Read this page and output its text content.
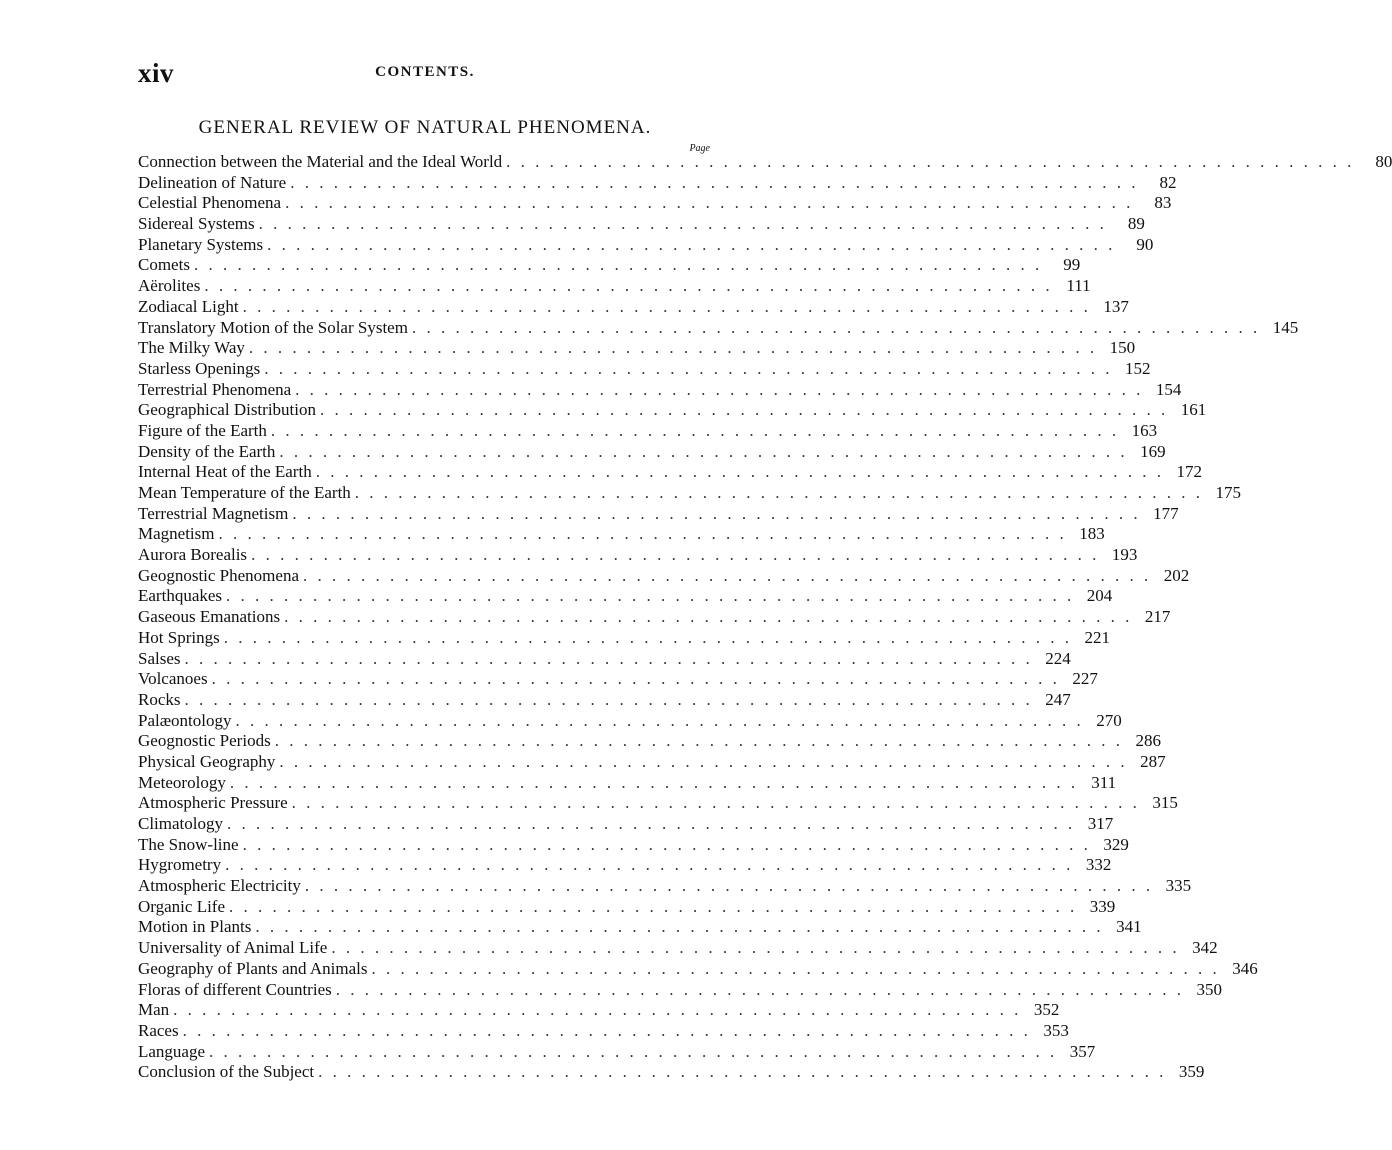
xiv	CONTENTS.
GENERAL REVIEW OF NATURAL PHENOMENA.
Page
Connection between the Material and the Ideal World . . . . . . . . . . . . . . . . . . . . . . . . . . . . . . . . . . . . . . . . . . . . . . . . . . . . . . . . . . .	80
Delineation of Nature . . . . . . . . . . . . . . . . . . . . . . . . . . . . . . . . . . . . . . . . . . . . . . . . . . . . . . . . . . .	82
Celestial Phenomena . . . . . . . . . . . . . . . . . . . . . . . . . . . . . . . . . . . . . . . . . . . . . . . . . . . . . . . . . . .	83
Sidereal Systems . . . . . . . . . . . . . . . . . . . . . . . . . . . . . . . . . . . . . . . . . . . . . . . . . . . . . . . . . . .	89
Planetary Systems . . . . . . . . . . . . . . . . . . . . . . . . . . . . . . . . . . . . . . . . . . . . . . . . . . . . . . . . . . .	90
Comets . . . . . . . . . . . . . . . . . . . . . . . . . . . . . . . . . . . . . . . . . . . . . . . . . . . . . . . . . . .	99
Aërolites . . . . . . . . . . . . . . . . . . . . . . . . . . . . . . . . . . . . . . . . . . . . . . . . . . . . . . . . . . . 111
Zodiacal Light . . . . . . . . . . . . . . . . . . . . . . . . . . . . . . . . . . . . . . . . . . . . . . . . . . . . . . . . . . . 137
Translatory Motion of the Solar System . . . . . . . . . . . . . . . . . . . . . . . . . . . . . . . . . . . . . . . . . . . . . . . . . . . . . . . . . . . 145
The Milky Way . . . . . . . . . . . . . . . . . . . . . . . . . . . . . . . . . . . . . . . . . . . . . . . . . . . . . . . . . . . 150
Starless Openings . . . . . . . . . . . . . . . . . . . . . . . . . . . . . . . . . . . . . . . . . . . . . . . . . . . . . . . . . . . 152
Terrestrial Phenomena . . . . . . . . . . . . . . . . . . . . . . . . . . . . . . . . . . . . . . . . . . . . . . . . . . . . . . . . . . . 154
Geographical Distribution . . . . . . . . . . . . . . . . . . . . . . . . . . . . . . . . . . . . . . . . . . . . . . . . . . . . . . . . . . . 161
Figure of the Earth . . . . . . . . . . . . . . . . . . . . . . . . . . . . . . . . . . . . . . . . . . . . . . . . . . . . . . . . . . . 163
Density of the Earth . . . . . . . . . . . . . . . . . . . . . . . . . . . . . . . . . . . . . . . . . . . . . . . . . . . . . . . . . . . 169
Internal Heat of the Earth . . . . . . . . . . . . . . . . . . . . . . . . . . . . . . . . . . . . . . . . . . . . . . . . . . . . . . . . . . . 172
Mean Temperature of the Earth . . . . . . . . . . . . . . . . . . . . . . . . . . . . . . . . . . . . . . . . . . . . . . . . . . . . . . . . . . . 175
Terrestrial Magnetism . . . . . . . . . . . . . . . . . . . . . . . . . . . . . . . . . . . . . . . . . . . . . . . . . . . . . . . . . . . 177
Magnetism . . . . . . . . . . . . . . . . . . . . . . . . . . . . . . . . . . . . . . . . . . . . . . . . . . . . . . . . . . . 183
Aurora Borealis . . . . . . . . . . . . . . . . . . . . . . . . . . . . . . . . . . . . . . . . . . . . . . . . . . . . . . . . . . . 193
Geognostic Phenomena . . . . . . . . . . . . . . . . . . . . . . . . . . . . . . . . . . . . . . . . . . . . . . . . . . . . . . . . . . . 202
Earthquakes . . . . . . . . . . . . . . . . . . . . . . . . . . . . . . . . . . . . . . . . . . . . . . . . . . . . . . . . . . . 204
Gaseous Emanations . . . . . . . . . . . . . . . . . . . . . . . . . . . . . . . . . . . . . . . . . . . . . . . . . . . . . . . . . . . 217
Hot Springs . . . . . . . . . . . . . . . . . . . . . . . . . . . . . . . . . . . . . . . . . . . . . . . . . . . . . . . . . . . 221
Salses . . . . . . . . . . . . . . . . . . . . . . . . . . . . . . . . . . . . . . . . . . . . . . . . . . . . . . . . . . . 224
Volcanoes . . . . . . . . . . . . . . . . . . . . . . . . . . . . . . . . . . . . . . . . . . . . . . . . . . . . . . . . . . . 227
Rocks . . . . . . . . . . . . . . . . . . . . . . . . . . . . . . . . . . . . . . . . . . . . . . . . . . . . . . . . . . . 247
Palæontology . . . . . . . . . . . . . . . . . . . . . . . . . . . . . . . . . . . . . . . . . . . . . . . . . . . . . . . . . . . 270
Geognostic Periods . . . . . . . . . . . . . . . . . . . . . . . . . . . . . . . . . . . . . . . . . . . . . . . . . . . . . . . . . . . 286
Physical Geography . . . . . . . . . . . . . . . . . . . . . . . . . . . . . . . . . . . . . . . . . . . . . . . . . . . . . . . . . . . 287
Meteorology . . . . . . . . . . . . . . . . . . . . . . . . . . . . . . . . . . . . . . . . . . . . . . . . . . . . . . . . . . . 311
Atmospheric Pressure . . . . . . . . . . . . . . . . . . . . . . . . . . . . . . . . . . . . . . . . . . . . . . . . . . . . . . . . . . . 315
Climatology . . . . . . . . . . . . . . . . . . . . . . . . . . . . . . . . . . . . . . . . . . . . . . . . . . . . . . . . . . . 317
The Snow-line . . . . . . . . . . . . . . . . . . . . . . . . . . . . . . . . . . . . . . . . . . . . . . . . . . . . . . . . . . . 329
Hygrometry . . . . . . . . . . . . . . . . . . . . . . . . . . . . . . . . . . . . . . . . . . . . . . . . . . . . . . . . . . . 332
Atmospheric Electricity . . . . . . . . . . . . . . . . . . . . . . . . . . . . . . . . . . . . . . . . . . . . . . . . . . . . . . . . . . . 335
Organic Life . . . . . . . . . . . . . . . . . . . . . . . . . . . . . . . . . . . . . . . . . . . . . . . . . . . . . . . . . . . 339
Motion in Plants . . . . . . . . . . . . . . . . . . . . . . . . . . . . . . . . . . . . . . . . . . . . . . . . . . . . . . . . . . . 341
Universality of Animal Life . . . . . . . . . . . . . . . . . . . . . . . . . . . . . . . . . . . . . . . . . . . . . . . . . . . . . . . . . . . 342
Geography of Plants and Animals . . . . . . . . . . . . . . . . . . . . . . . . . . . . . . . . . . . . . . . . . . . . . . . . . . . . . . . . . . . 346
Floras of different Countries . . . . . . . . . . . . . . . . . . . . . . . . . . . . . . . . . . . . . . . . . . . . . . . . . . . . . . . . . . . 350
Man . . . . . . . . . . . . . . . . . . . . . . . . . . . . . . . . . . . . . . . . . . . . . . . . . . . . . . . . . . . 352
Races . . . . . . . . . . . . . . . . . . . . . . . . . . . . . . . . . . . . . . . . . . . . . . . . . . . . . . . . . . . 353
Language . . . . . . . . . . . . . . . . . . . . . . . . . . . . . . . . . . . . . . . . . . . . . . . . . . . . . . . . . . . 357
Conclusion of the Subject . . . . . . . . . . . . . . . . . . . . . . . . . . . . . . . . . . . . . . . . . . . . . . . . . . . . . . . . . . . 359
